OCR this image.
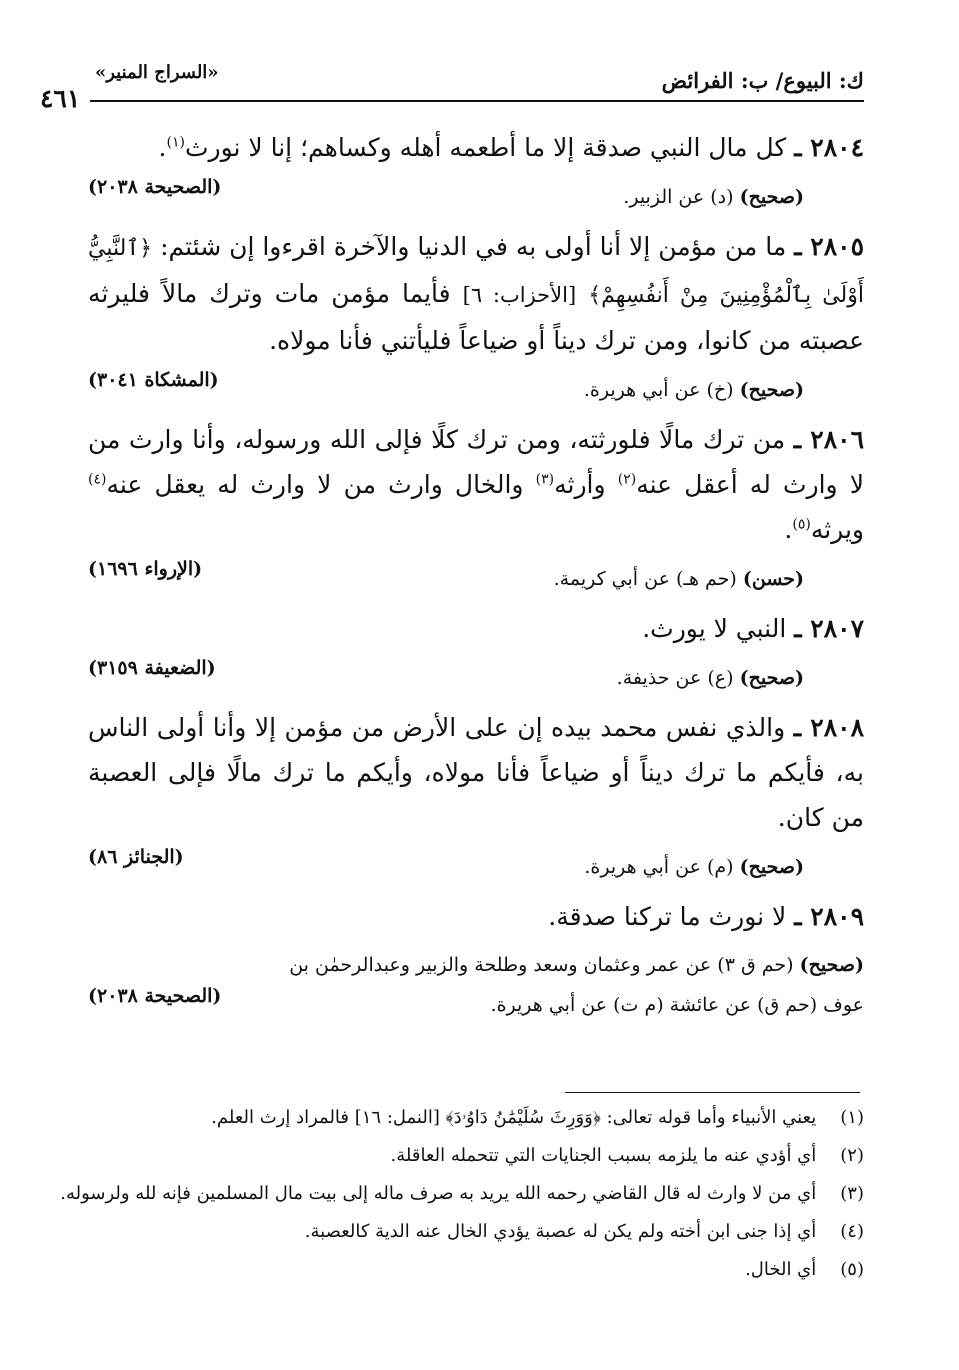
ك: البيوع/ ب: الفرائض
«السراج المنير»
٤٦١
٢٨٠٤ ـ كل مال النبي صدقة إلا ما أطعمه أهله وكساهم؛ إنا لا نورث$^{(١)}$.
(صحيح) (د) عن الزبير.
(الصحيحة ٢٠٣٨)
٢٨٠٥ ـ ما من مؤمن إلا أنا أولى به في الدنيا والآخرة اقرءوا إن شئتم: ﴿ٱلنَّبِيُّ أَوْلَىٰ بِٱلْمُؤْمِنِينَ مِنْ أَنفُسِهِمْ﴾ [الأحزاب: ٦] فأيما مؤمن مات وترك مالاً فليرثه عصبته من كانوا، ومن ترك ديناً أو ضياعاً فليأتني فأنا مولاه.
(صحيح) (خ) عن أبي هريرة.
(المشكاة ٣٠٤١)
٢٨٠٦ ـ من ترك مالًا فلورثته، ومن ترك كلًا فإلى الله ورسوله، وأنا وارث من لا وارث له أعقل عنه$^{(٢)}$ وأرثه$^{(٣)}$ والخال وارث من لا وارث له يعقل عنه$^{(٤)}$ ويرثه$^{(٥)}$.
(حسن) (حم هـ) عن أبي كريمة.
(الإرواء ١٦٩٦)
٢٨٠٧ ـ النبي لا يورث.
(صحيح) (ع) عن حذيفة.
(الضعيفة ٣١٥٩)
٢٨٠٨ ـ والذي نفس محمد بيده إن على الأرض من مؤمن إلا وأنا أولى الناس به، فأيكم ما ترك ديناً أو ضياعاً فأنا مولاه، وأيكم ما ترك مالًا فإلى العصبة من كان.
(صحيح) (م) عن أبي هريرة.
(الجنائز ٨٦)
٢٨٠٩ ـ لا نورث ما تركنا صدقة.
(صحيح) (حم ق ٣) عن عمر وعثمان وسعد وطلحة والزبير وعبدالرحمٰن بن عوف (حم ق) عن عائشة (م ت) عن أبي هريرة.
(الصحيحة ٢٠٣٨)
(١) يعني الأنبياء وأما قوله تعالى: ﴿وَوَرِثَ سُلَيْمَٰنُ دَاوُۥدَ﴾ [النمل: ١٦] فالمراد إرث العلم.
(٢) أي أؤدي عنه ما يلزمه بسبب الجنايات التي تتحمله العاقلة.
(٣) أي من لا وارث له قال القاضي رحمه الله يريد به صرف ماله إلى بيت مال المسلمين فإنه لله ولرسوله.
(٤) أي إذا جنى ابن أخته ولم يكن له عصبة يؤدي الخال عنه الدية كالعصبة.
(٥) أي الخال.
